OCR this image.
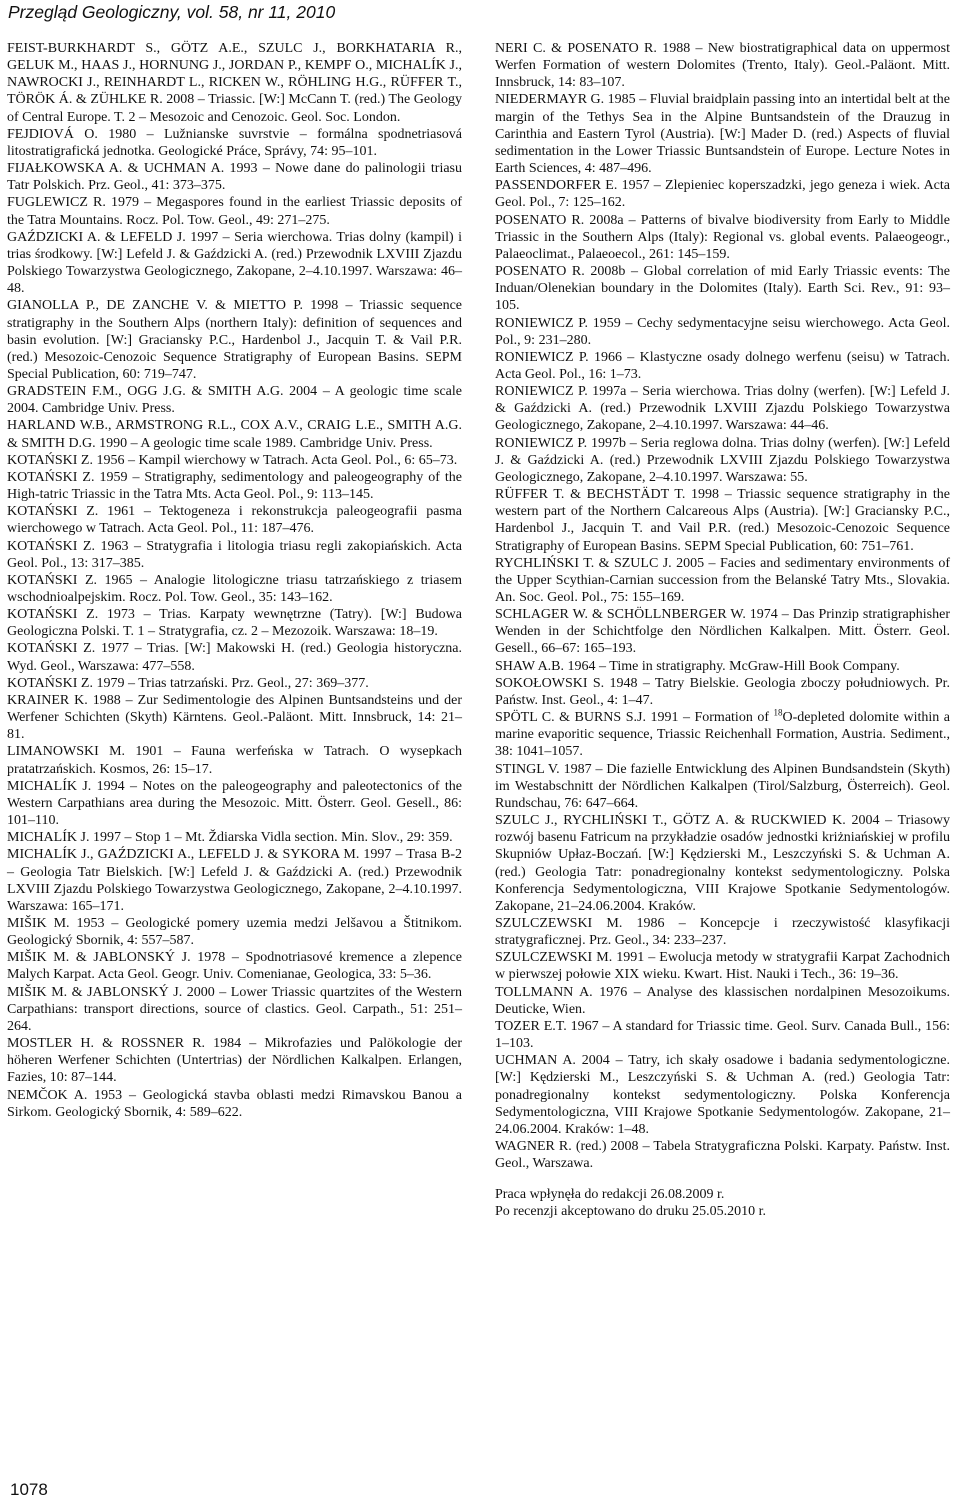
Przegląd Geologiczny, vol. 58, nr 11, 2010

FEIST-BURKHARDT S., GÖTZ A.E., SZULC J., BORKHATARIA R., GELUK M., HAAS J., HORNUNG J., JORDAN P., KEMPF O., MICHALÍK J., NAWROCKI J., REINHARDT L., RICKEN W., RÖHLING H.G., RÜFFER T., TÖRÖK Á. & ZÜHLKE R. 2008 – Triassic. [W:] McCann T. (red.) The Geology of Central Europe. T. 2 – Mesozoic and Cenozoic. Geol. Soc. London.

FEJDIOVÁ O. 1980 – Lužnianske suvrstvie – formálna spodnetriasová litostratigrafická jednotka. Geologické Práce, Správy, 74: 95–101.

FIJAŁKOWSKA A. & UCHMAN A. 1993 – Nowe dane do palinologii triasu Tatr Polskich. Prz. Geol., 41: 373–375.

FUGLEWICZ R. 1979 – Megaspores found in the earliest Triassic deposits of the Tatra Mountains. Rocz. Pol. Tow. Geol., 49: 271–275.

GAŹDZICKI A. & LEFELD J. 1997 – Seria wierchowa. Trias dolny (kampil) i trias środkowy. [W:] Lefeld J. & Gaździcki A. (red.) Przewodnik LXVIII Zjazdu Polskiego Towarzystwa Geologicznego, Zakopane, 2–4.10.1997. Warszawa: 46–48.

GIANOLLA P., DE ZANCHE V. & MIETTO P. 1998 – Triassic sequence stratigraphy in the Southern Alps (northern Italy): definition of sequences and basin evolution. [W:] Graciansky P.C., Hardenbol J., Jacquin T. & Vail P.R. (red.) Mesozoic-Cenozoic Sequence Stratigraphy of European Basins. SEPM Special Publication, 60: 719–747.

GRADSTEIN F.M., OGG J.G. & SMITH A.G. 2004 – A geologic time scale 2004. Cambridge Univ. Press.

HARLAND W.B., ARMSTRONG R.L., COX A.V., CRAIG L.E., SMITH A.G. & SMITH D.G. 1990 – A geologic time scale 1989. Cambridge Univ. Press.

KOTAŃSKI Z. 1956 – Kampil wierchowy w Tatrach. Acta Geol. Pol., 6: 65–73.

KOTAŃSKI Z. 1959 – Stratigraphy, sedimentology and paleogeography of the High-tatric Triassic in the Tatra Mts. Acta Geol. Pol., 9: 113–145.

KOTAŃSKI Z. 1961 – Tektogeneza i rekonstrukcja paleogeografii pasma wierchowego w Tatrach. Acta Geol. Pol., 11: 187–476.

KOTAŃSKI Z. 1963 – Stratygrafia i litologia triasu regli zakopiańskich. Acta Geol. Pol., 13: 317–385.

KOTAŃSKI Z. 1965 – Analogie litologiczne triasu tatrzańskiego z triasem wschodnioalpejskim. Rocz. Pol. Tow. Geol., 35: 143–162.

KOTAŃSKI Z. 1973 – Trias. Karpaty wewnętrzne (Tatry). [W:] Budowa Geologiczna Polski. T. 1 – Stratygrafia, cz. 2 – Mezozoik. Warszawa: 18–19.

KOTAŃSKI Z. 1977 – Trias. [W:] Makowski H. (red.) Geologia historyczna. Wyd. Geol., Warszawa: 477–558.

KOTAŃSKI Z. 1979 – Trias tatrzański. Prz. Geol., 27: 369–377.

KRAINER K. 1988 – Zur Sedimentologie des Alpinen Buntsandsteins und der Werfener Schichten (Skyth) Kärntens. Geol.-Paläont. Mitt. Innsbruck, 14: 21–81.

LIMANOWSKI M. 1901 – Fauna werfeńska w Tatrach. O wysepkach pratatrzańskich. Kosmos, 26: 15–17.

MICHALÍK J. 1994 – Notes on the paleogeography and paleotectonics of the Western Carpathians area during the Mesozoic. Mitt. Österr. Geol. Gesell., 86: 101–110.

MICHALÍK J. 1997 – Stop 1 – Mt. Ždiarska Vidla section. Min. Slov., 29: 359.

MICHALÍK J., GAŹDZICKI A., LEFELD J. & SYKORA M. 1997 – Trasa B-2 – Geologia Tatr Bielskich. [W:] Lefeld J. & Gaździcki A. (red.) Przewodnik LXVIII Zjazdu Polskiego Towarzystwa Geologicznego, Zakopane, 2–4.10.1997. Warszawa: 165–171.

MIŠIK M. 1953 – Geologické pomery uzemia medzi Jelšavou a Štitnikom. Geologický Sbornik, 4: 557–587.

MIŠIK M. & JABLONSKÝ J. 1978 – Spodnotriasové kremence a zlepence Malych Karpat. Acta Geol. Geogr. Univ. Comenianae, Geologica, 33: 5–36.

MIŠIK M. & JABLONSKÝ J. 2000 – Lower Triassic quartzites of the Western Carpathians: transport directions, source of clastics. Geol. Carpath., 51: 251–264.

MOSTLER H. & ROSSNER R. 1984 – Mikrofazies und Palökologie der höheren Werfener Schichten (Untertrias) der Nördlichen Kalkalpen. Erlangen, Fazies, 10: 87–144.

NEMČOK A. 1953 – Geologická stavba oblasti medzi Rimavskou Banou a Sirkom. Geologický Sbornik, 4: 589–622.

NERI C. & POSENATO R. 1988 – New biostratigraphical data on uppermost Werfen Formation of western Dolomites (Trento, Italy). Geol.-Paläont. Mitt. Innsbruck, 14: 83–107.

NIEDERMAYR G. 1985 – Fluvial braidplain passing into an intertidal belt at the margin of the Tethys Sea in the Alpine Buntsandstein of the Drauzug in Carinthia and Eastern Tyrol (Austria). [W:] Mader D. (red.) Aspects of fluvial sedimentation in the Lower Triassic Buntsandstein of Europe. Lecture Notes in Earth Sciences, 4: 487–496.

PASSENDORFER E. 1957 – Zlepieniec koperszadzki, jego geneza i wiek. Acta Geol. Pol., 7: 125–162.

POSENATO R. 2008a – Patterns of bivalve biodiversity from Early to Middle Triassic in the Southern Alps (Italy): Regional vs. global events. Palaeogeogr., Palaeoclimat., Palaeoecol., 261: 145–159.

POSENATO R. 2008b – Global correlation of mid Early Triassic events: The Induan/Olenekian boundary in the Dolomites (Italy). Earth Sci. Rev., 91: 93–105.

RONIEWICZ P. 1959 – Cechy sedymentacyjne seisu wierchowego. Acta Geol. Pol., 9: 231–280.

RONIEWICZ P. 1966 – Klastyczne osady dolnego werfenu (seisu) w Tatrach. Acta Geol. Pol., 16: 1–73.

RONIEWICZ P. 1997a – Seria wierchowa. Trias dolny (werfen). [W:] Lefeld J. & Gaździcki A. (red.) Przewodnik LXVIII Zjazdu Polskiego Towarzystwa Geologicznego, Zakopane, 2–4.10.1997. Warszawa: 44–46.

RONIEWICZ P. 1997b – Seria reglowa dolna. Trias dolny (werfen). [W:] Lefeld J. & Gaździcki A. (red.) Przewodnik LXVIII Zjazdu Polskiego Towarzystwa Geologicznego, Zakopane, 2–4.10.1997. Warszawa: 55.

RÜFFER T. & BECHSTÄDT T. 1998 – Triassic sequence stratigraphy in the western part of the Northern Calcareous Alps (Austria). [W:] Graciansky P.C., Hardenbol J., Jacquin T. and Vail P.R. (red.) Mesozoic-Cenozoic Sequence Stratigraphy of European Basins. SEPM Special Publication, 60: 751–761.

RYCHLIŃSKI T. & SZULC J. 2005 – Facies and sedimentary environments of the Upper Scythian-Carnian succession from the Belanské Tatry Mts., Slovakia. An. Soc. Geol. Pol., 75: 155–169.

SCHLAGER W. & SCHÖLLNBERGER W. 1974 – Das Prinzip stratigraphisher Wenden in der Schichtfolge den Nördlichen Kalkalpen. Mitt. Österr. Geol. Gesell., 66–67: 165–193.

SHAW A.B. 1964 – Time in stratigraphy. McGraw-Hill Book Company.

SOKOŁOWSKI S. 1948 – Tatry Bielskie. Geologia zboczy południowych. Pr. Państw. Inst. Geol., 4: 1–47.

SPÖTL C. & BURNS S.J. 1991 – Formation of $^{18}$O-depleted dolomite within a marine evaporitic sequence, Triassic Reichenhall Formation, Austria. Sediment., 38: 1041–1057.

STINGL V. 1987 – Die fazielle Entwicklung des Alpinen Bundsandstein (Skyth) im Westabschnitt der Nördlichen Kalkalpen (Tirol/Salzburg, Österreich). Geol. Rundschau, 76: 647–664.

SZULC J., RYCHLIŃSKI T., GÖTZ A. & RUCKWIED K. 2004 – Triasowy rozwój basenu Fatricum na przykładzie osadów jednostki kriżniańskiej w profilu Skupniów Upłaz-Boczań. [W:] Kędzierski M., Leszczyński S. & Uchman A. (red.) Geologia Tatr: ponadregionalny kontekst sedymentologiczny. Polska Konferencja Sedymentologiczna, VIII Krajowe Spotkanie Sedymentologów. Zakopane, 21–24.06.2004. Kraków.

SZULCZEWSKI M. 1986 – Koncepcje i rzeczywistość klasyfikacji stratygraficznej. Prz. Geol., 34: 233–237.

SZULCZEWSKI M. 1991 – Ewolucja metody w stratygrafii Karpat Zachodnich w pierwszej połowie XIX wieku. Kwart. Hist. Nauki i Tech., 36: 19–36.

TOLLMANN A. 1976 – Analyse des klassischen nordalpinen Mesozoikums. Deuticke, Wien.

TOZER E.T. 1967 – A standard for Triassic time. Geol. Surv. Canada Bull., 156: 1–103.

UCHMAN A. 2004 – Tatry, ich skały osadowe i badania sedymentologiczne. [W:] Kędzierski M., Leszczyński S. & Uchman A. (red.) Geologia Tatr: ponadregionalny kontekst sedymentologiczny. Polska Konferencja Sedymentologiczna, VIII Krajowe Spotkanie Sedymentologów. Zakopane, 21–24.06.2004. Kraków: 1–48.

WAGNER R. (red.) 2008 – Tabela Stratygraficzna Polski. Karpaty. Państw. Inst. Geol., Warszawa.

Praca wpłynęła do redakcji 26.08.2009 r.
Po recenzji akceptowano do druku 25.05.2010 r.
1078
